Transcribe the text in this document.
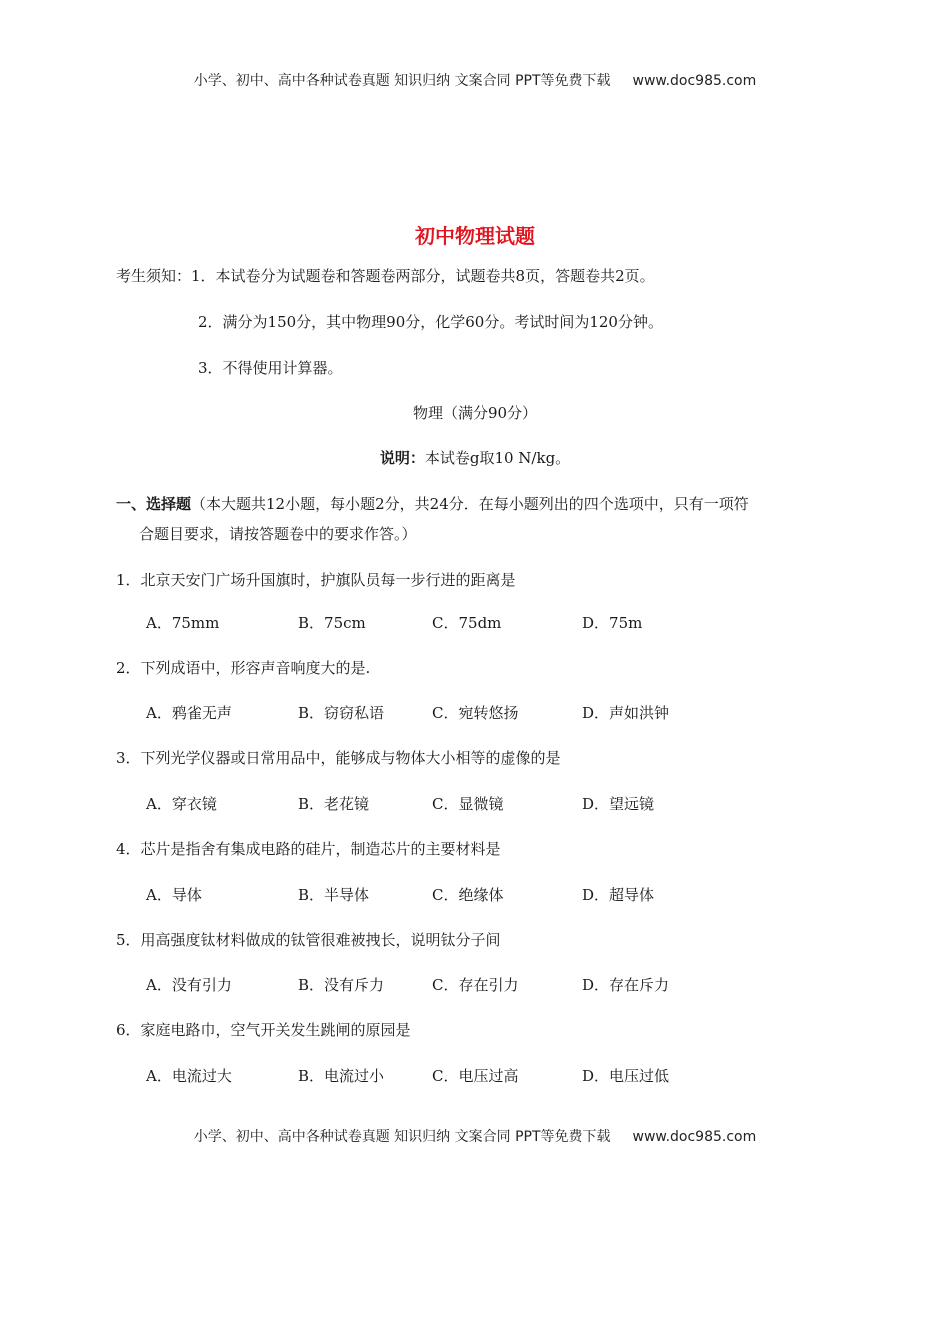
小学、初中、高中各种试卷真题 知识归纳 文案合同 PPT等免费下载 www.doc985.com
初中物理试题
考生须知：1．本试卷分为试题卷和答题卷两部分，试题卷共8页，答题卷共2页。
2．满分为150分，其中物理90分，化学60分。考试时间为120分钟。
3．不得使用计算器。
物理（满分90分）
说明：本试卷g取10 N/kg。
一、选择题（本大题共12小题，每小题2分，共24分．在每小题列出的四个选项中，只有一项符
合题目要求，请按答题卷中的要求作答。）
1．北京天安门广场升国旗时，护旗队员每一步行进的距离是
A．75mm	B．75cm	C．75dm	D．75m
2．下列成语中，形容声音响度大的是.
A．鸦雀无声	B．窃窃私语	C．宛转悠扬	D．声如洪钟
3．下列光学仪器或日常用品中，能够成与物体大小相等的虚像的是
A．穿衣镜	B．老花镜	C．显微镜	D．望远镜
4．芯片是指舍有集成电路的硅片，制造芯片的主要材料是
A．导体	B．半导体	C．绝缘体	D．超导体
5．用高强度钛材料做成的钛管很难被拽长，说明钛分子间
A．没有引力	B．没有斥力	C．存在引力	D．存在斥力
6．家庭电路巾，空气开关发生跳闸的原园是
A．电流过大	B．电流过小	C．电压过高	D．电压过低
小学、初中、高中各种试卷真题 知识归纳 文案合同 PPT等免费下载 www.doc985.com
